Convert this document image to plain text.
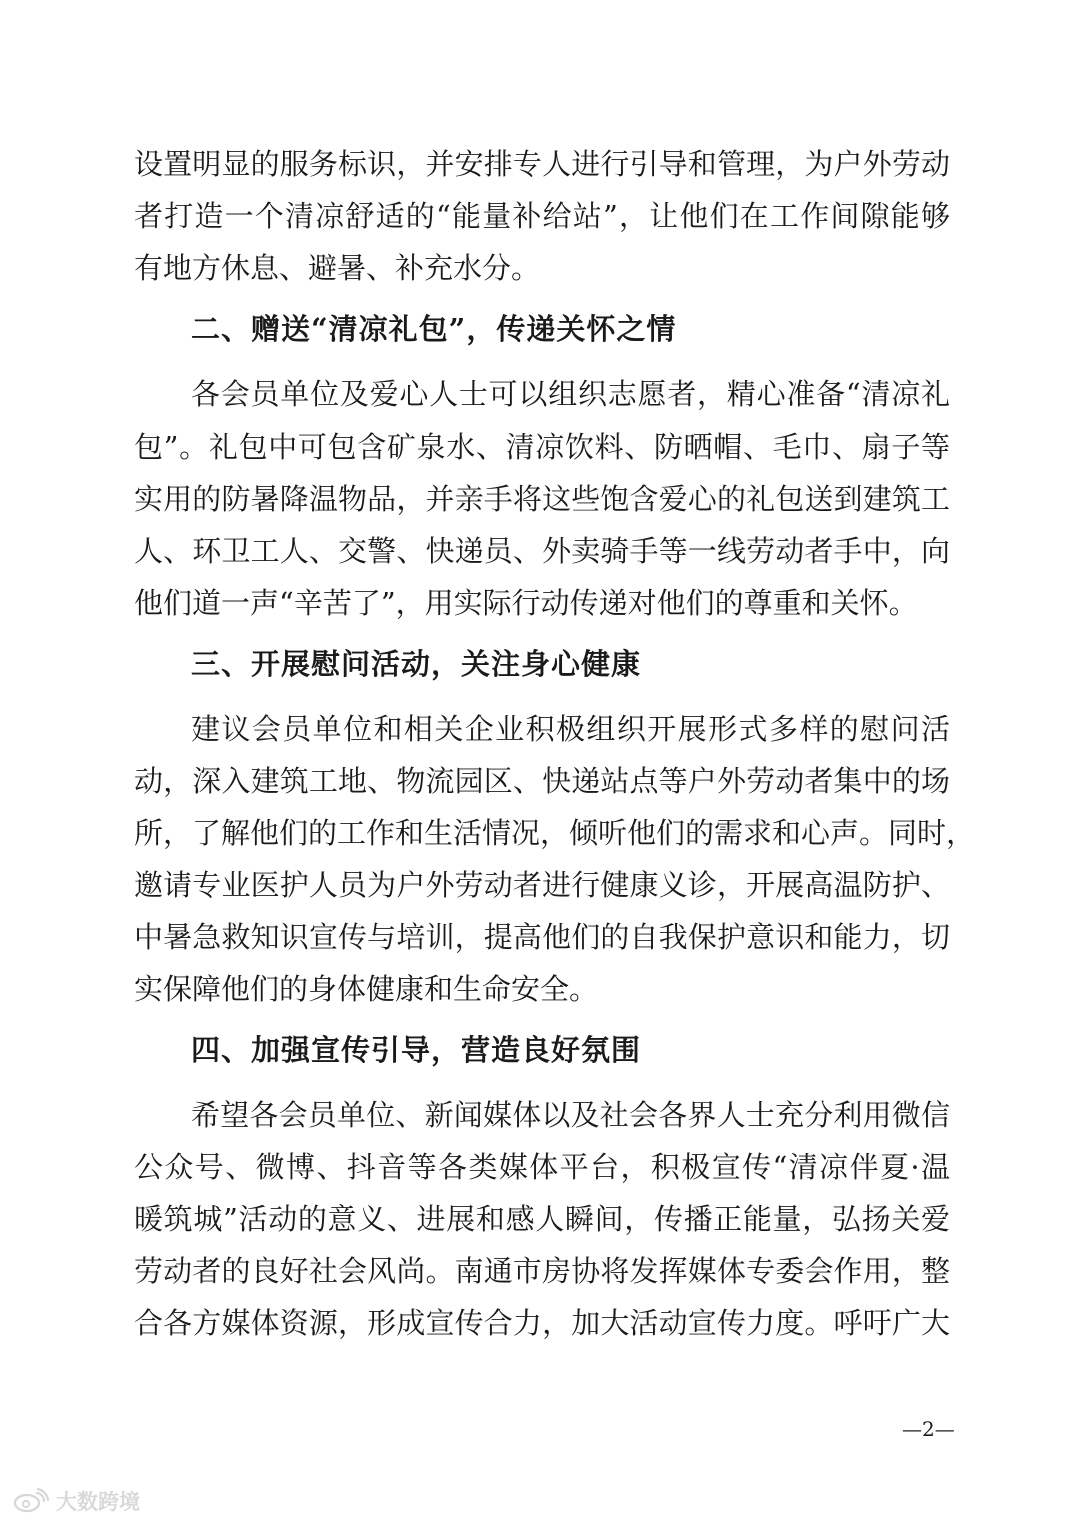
设置明显的服务标识，并安排专人进行引导和管理，为户外劳动
者打造一个清凉舒适的“能量补给站”，让他们在工作间隙能够
有地方休息、避暑、补充水分。
二、赠送“清凉礼包”，传递关怀之情
各会员单位及爱心人士可以组织志愿者，精心准备“清凉礼
包”。礼包中可包含矿泉水、清凉饮料、防晒帽、毛巾、扇子等
实用的防暑降温物品，并亲手将这些饱含爱心的礼包送到建筑工
人、环卫工人、交警、快递员、外卖骑手等一线劳动者手中，向
他们道一声“辛苦了”，用实际行动传递对他们的尊重和关怀。
三、开展慰问活动，关注身心健康
建议会员单位和相关企业积极组织开展形式多样的慰问活
动，深入建筑工地、物流园区、快递站点等户外劳动者集中的场
所，了解他们的工作和生活情况，倾听他们的需求和心声。同时，
邀请专业医护人员为户外劳动者进行健康义诊，开展高温防护、
中暑急救知识宣传与培训，提高他们的自我保护意识和能力，切
实保障他们的身体健康和生命安全。
四、加强宣传引导，营造良好氛围
希望各会员单位、新闻媒体以及社会各界人士充分利用微信
公众号、微博、抖音等各类媒体平台，积极宣传“清凉伴夏·温
暖筑城”活动的意义、进展和感人瞬间，传播正能量，弘扬关爱
劳动者的良好社会风尚。南通市房协将发挥媒体专委会作用，整
合各方媒体资源，形成宣传合力，加大活动宣传力度。呼吁广大
—2—
大数跨境
